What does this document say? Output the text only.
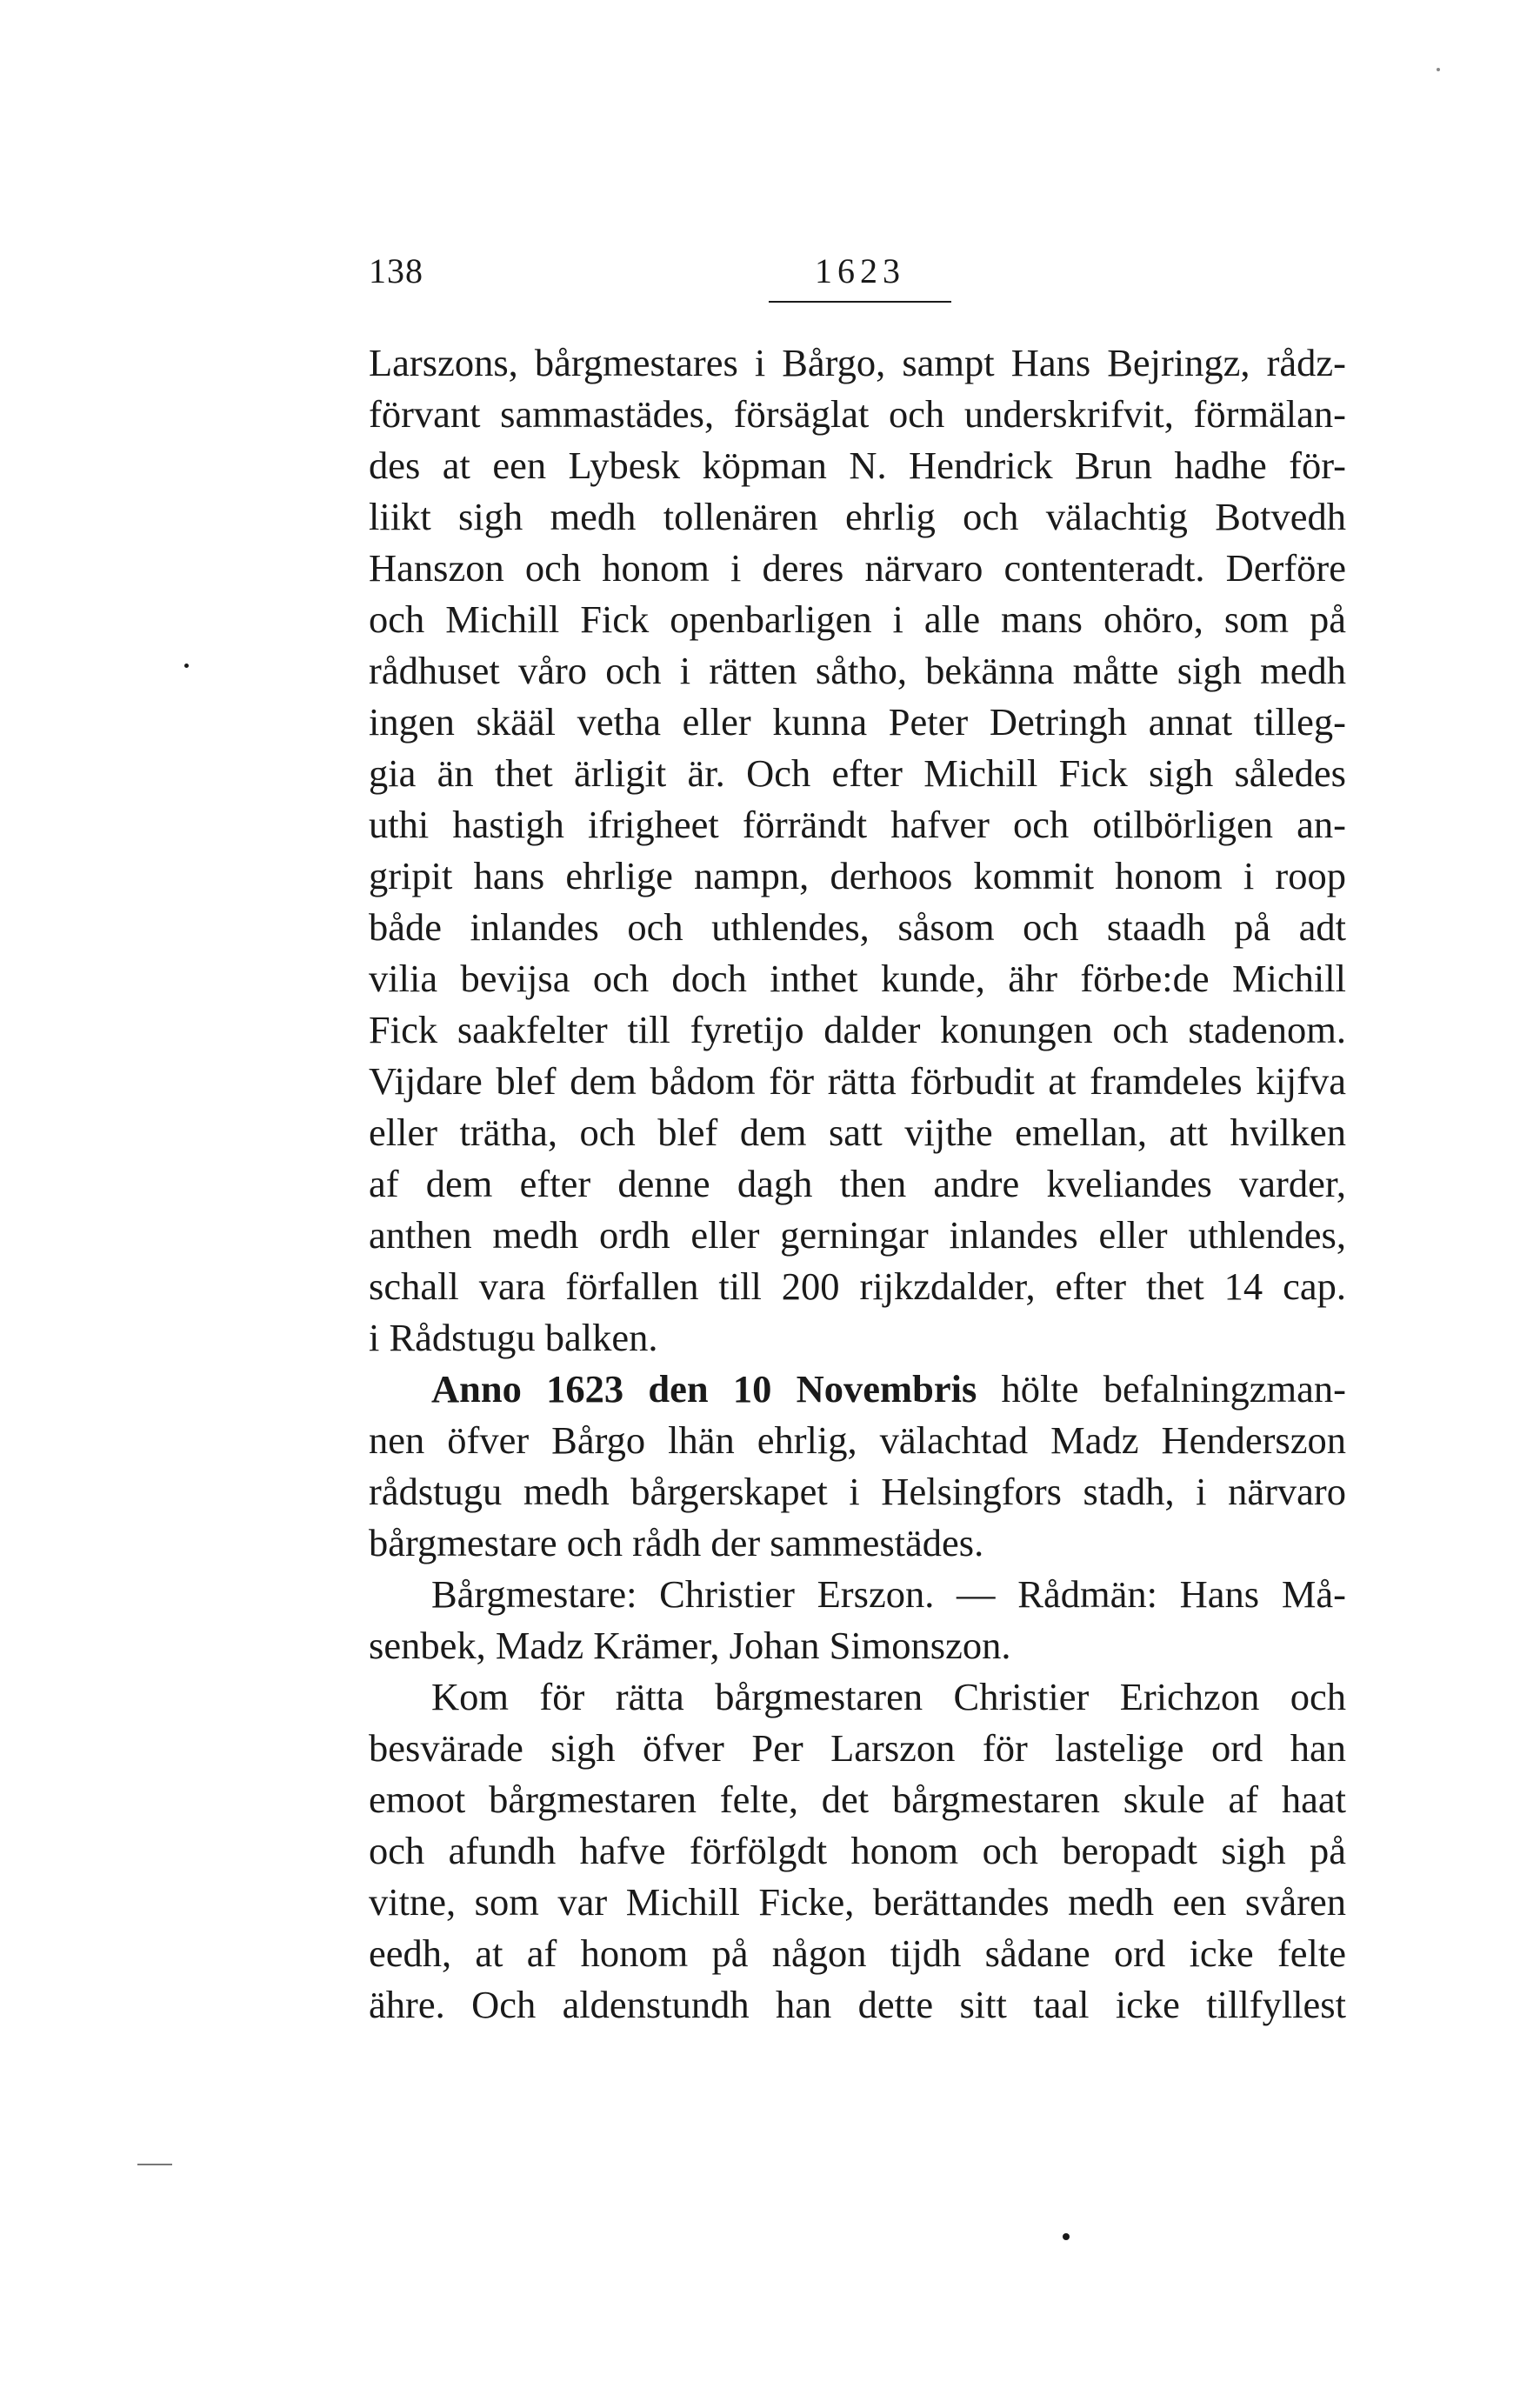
138	1623
Larszons, bårgmestares i Bårgo, sampt Hans Bejringz, rådz-
förvant sammastädes, försäglat och underskrifvit, förmälan-
des at een Lybesk köpman N. Hendrick Brun hadhe för-
liikt sigh medh tollenären ehrlig och välachtig Botvedh
Hanszon och honom i deres närvaro contenteradt. Derföre
och Michill Fick openbarligen i alle mans ohöro, som på
rådhuset våro och i rätten såtho, bekänna måtte sigh medh
ingen skääl vetha eller kunna Peter Detringh annat tilleg-
gia än thet ärligit är. Och efter Michill Fick sigh således
uthi hastigh ifrigheet förrändt hafver och otilbörligen an-
gripit hans ehrlige nampn, derhoos kommit honom i roop
både inlandes och uthlendes, såsom och staadh på adt
vilia bevijsa och doch inthet kunde, ähr förbe:de Michill
Fick saakfelter till fyretijo dalder konungen och stadenom.
Vijdare blef dem bådom för rätta förbudit at framdeles kijfva
eller trätha, och blef dem satt vijthe emellan, att hvilken
af dem efter denne dagh then andre kveliandes varder,
anthen medh ordh eller gerningar inlandes eller uthlendes,
schall vara förfallen till 200 rijkzdalder, efter thet 14 cap.
i Rådstugu balken.
Anno 1623 den 10 Novembris hölte befalningzman-
nen öfver Bårgo lhän ehrlig, välachtad Madz Henderszon
rådstugu medh bårgerskapet i Helsingfors stadh, i närvaro
bårgmestare och rådh der sammestädes.
Bårgmestare: Christier Erszon. — Rådmän: Hans Må-
senbek, Madz Krämer, Johan Simonszon.
Kom för rätta bårgmestaren Christier Erichzon och
besvärade sigh öfver Per Larszon för lastelige ord han
emoot bårgmestaren felte, det bårgmestaren skule af haat
och afundh hafve förfölgdt honom och beropadt sigh på
vitne, som var Michill Ficke, berättandes medh een svåren
eedh, at af honom på någon tijdh sådane ord icke felte
ähre. Och aldenstundh han dette sitt taal icke tillfyllest
